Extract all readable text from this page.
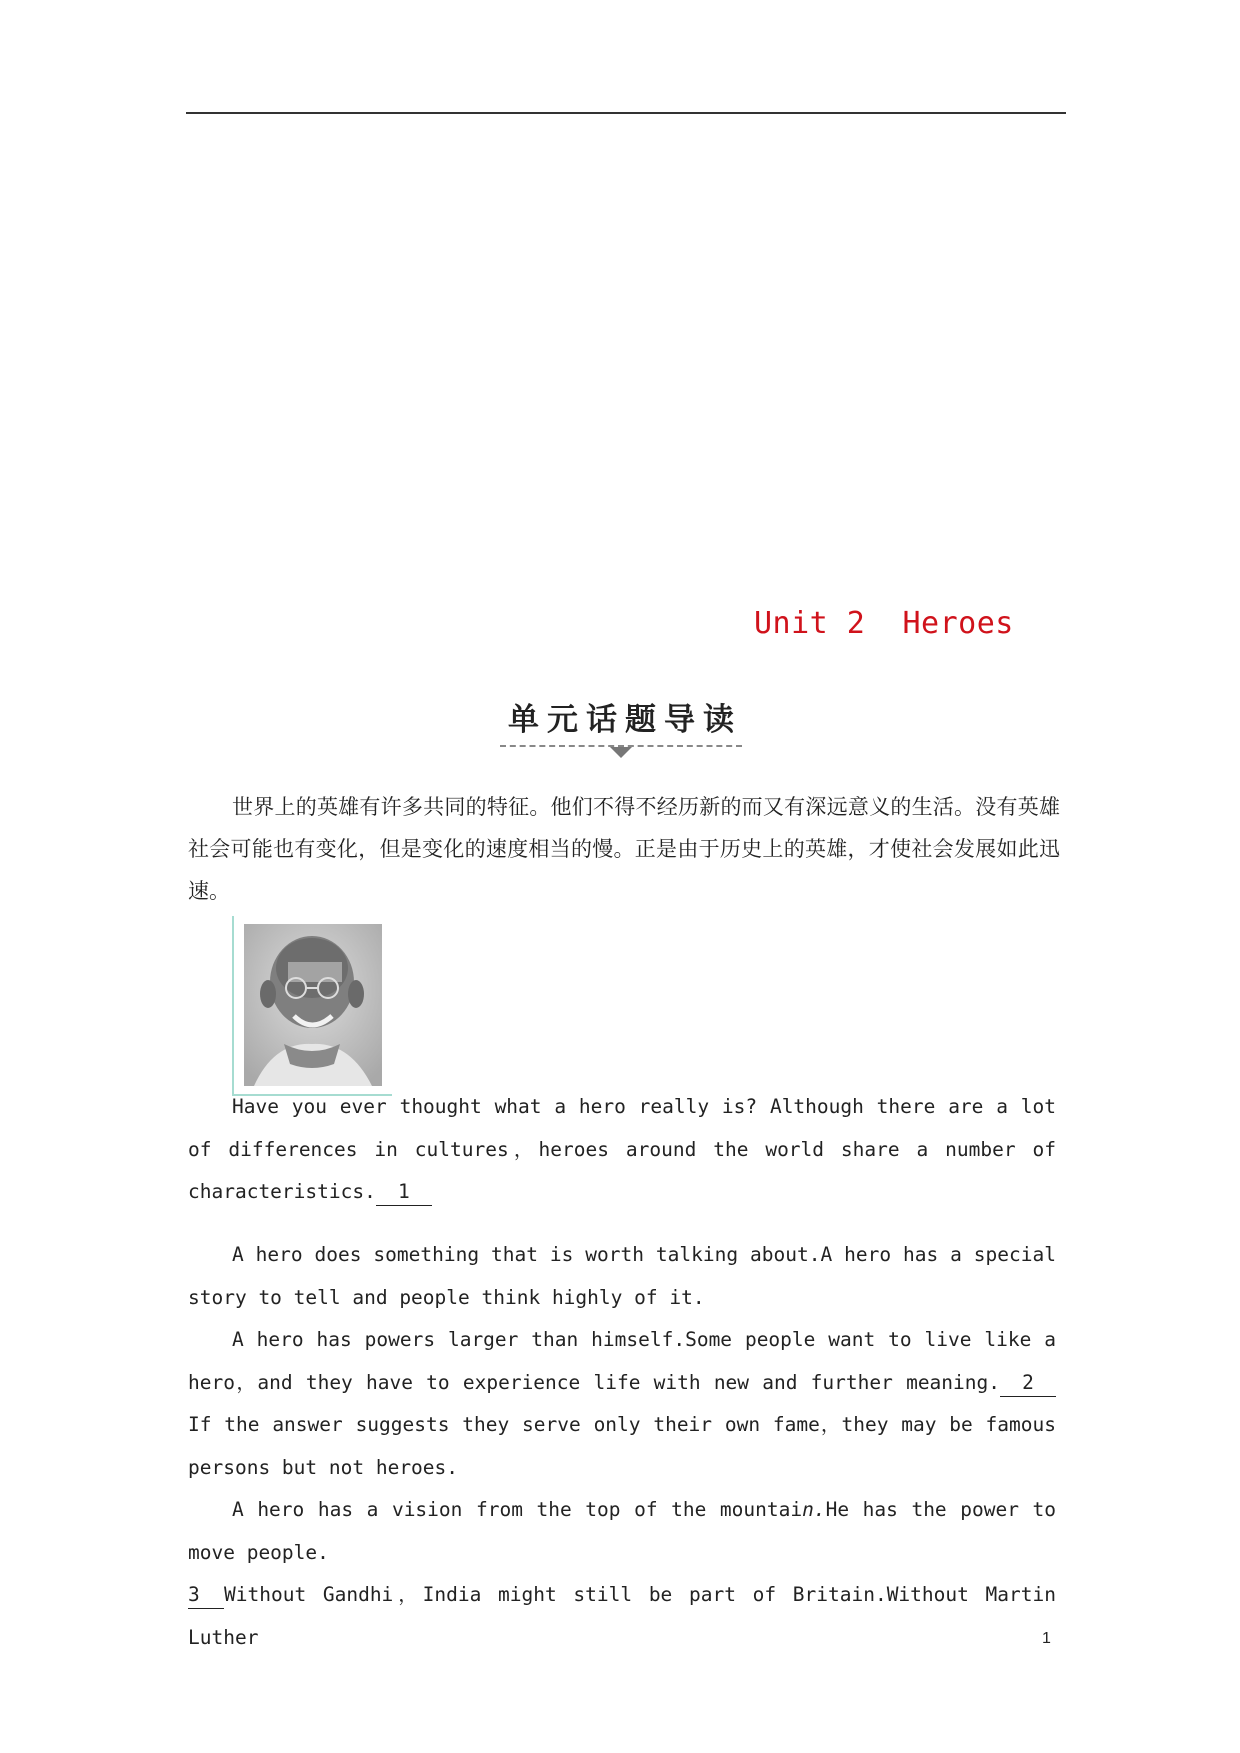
Unit 2  Heroes
单元话题导读

世界上的英雄有许多共同的特征。他们不得不经历新的而又有深远意义的生活。没有英雄社会可能也有变化，但是变化的速度相当的慢。正是由于历史上的英雄，才使社会发展如此迅速。

Have you ever thought what a hero really is? Although there are a lot of differences in cultures，heroes around the world share a number of characteristics. 1

A hero does something that is worth talking about.A hero has a special story to tell and people think highly of it.

A hero has powers larger than himself.Some people want to live like a hero，and they have to experience life with new and further meaning. 2If the answer suggests they serve only their own fame，they may be famous persons but not heroes.

A hero has a vision from the top of the mountain.He has the power to move people.
3 Without Gandhi，India might still be part of Britain.Without Martin Luther	1
